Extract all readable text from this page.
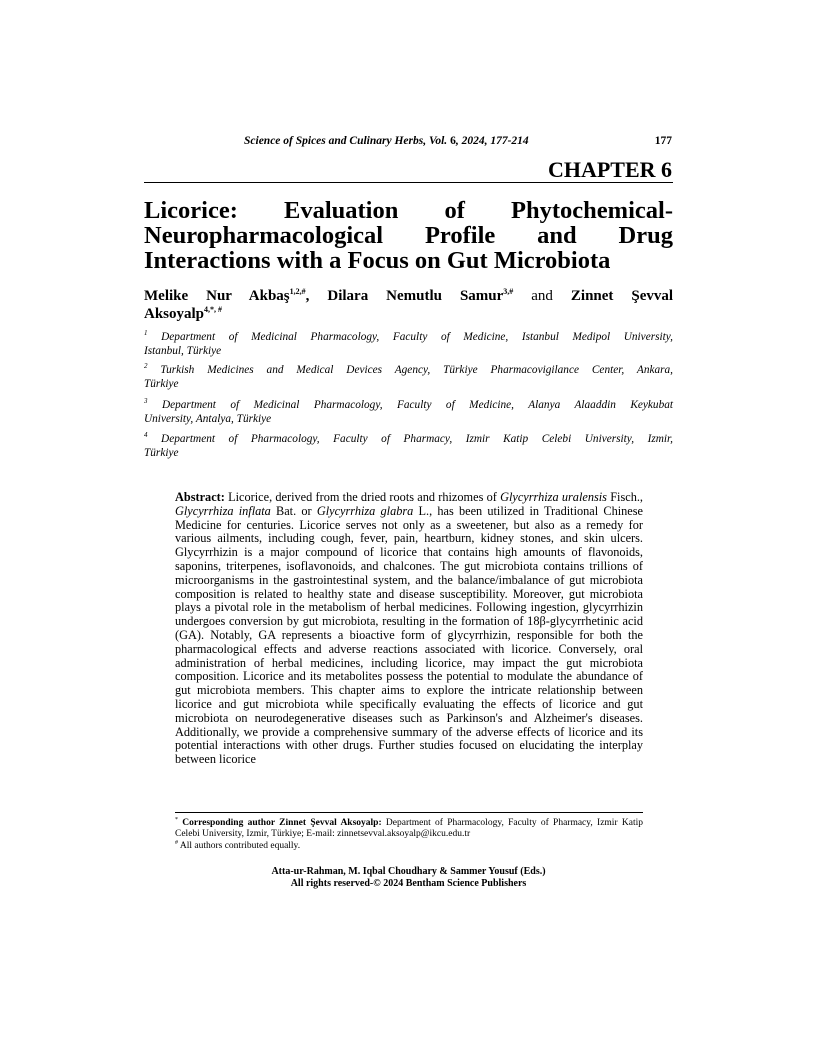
Science of Spices and Culinary Herbs, Vol. 6, 2024, 177-214	177
CHAPTER 6
Licorice: Evaluation of Phytochemical-
Neuropharmacological Profile and Drug
Interactions with a Focus on Gut Microbiota
Melike Nur Akbaş$^{1,2,\#}$, Dilara Nemutlu Samur$^{3,\#}$ and Zinnet Şevval
Aksoyalp$^{4,*, \#}$
$^1$ Department of Medicinal Pharmacology, Faculty of Medicine, Istanbul Medipol University,
Istanbul, Türkiye
$^2$ Turkish Medicines and Medical Devices Agency, Türkiye Pharmacovigilance Center, Ankara,
Türkiye
$^3$ Department of Medicinal Pharmacology, Faculty of Medicine, Alanya Alaaddin Keykubat
University, Antalya, Türkiye
$^4$ Department of Pharmacology, Faculty of Pharmacy, Izmir Katip Celebi University, Izmir,
Türkiye
Abstract: Licorice, derived from the dried roots and rhizomes of Glycyrrhiza uralensis Fisch., Glycyrrhiza inflata Bat. or Glycyrrhiza glabra L., has been utilized in Traditional Chinese Medicine for centuries. Licorice serves not only as a sweetener, but also as a remedy for various ailments, including cough, fever, pain, heartburn, kidney stones, and skin ulcers. Glycyrrhizin is a major compound of licorice that contains high amounts of flavonoids, saponins, triterpenes, isoflavonoids, and chalcones. The gut microbiota contains trillions of microorganisms in the gastrointestinal system, and the balance/imbalance of gut microbiota composition is related to healthy state and disease susceptibility. Moreover, gut microbiota plays a pivotal role in the metabolism of herbal medicines. Following ingestion, glycyrrhizin undergoes conversion by gut microbiota, resulting in the formation of 18β-glycyrrhetinic acid (GA). Notably, GA represents a bioactive form of glycyrrhizin, responsible for both the pharmacological effects and adverse reactions associated with licorice. Conversely, oral administration of herbal medicines, including licorice, may impact the gut microbiota composition. Licorice and its metabolites possess the potential to modulate the abundance of gut microbiota members. This chapter aims to explore the intricate relationship between licorice and gut microbiota while specifically evaluating the effects of licorice and gut microbiota on neurodegenerative diseases such as Parkinson's and Alzheimer's diseases. Additionally, we provide a comprehensive summary of the adverse effects of licorice and its potential interactions with other drugs. Further studies focused on elucidating the interplay between licorice
* Corresponding author Zinnet Şevval Aksoyalp: Department of Pharmacology, Faculty of Pharmacy, Izmir Katip Celebi University, Izmir, Türkiye; E-mail: zinnetsevval.aksoyalp@ikcu.edu.tr
# All authors contributed equally.
Atta-ur-Rahman, M. Iqbal Choudhary & Sammer Yousuf (Eds.)
All rights reserved-© 2024 Bentham Science Publishers
